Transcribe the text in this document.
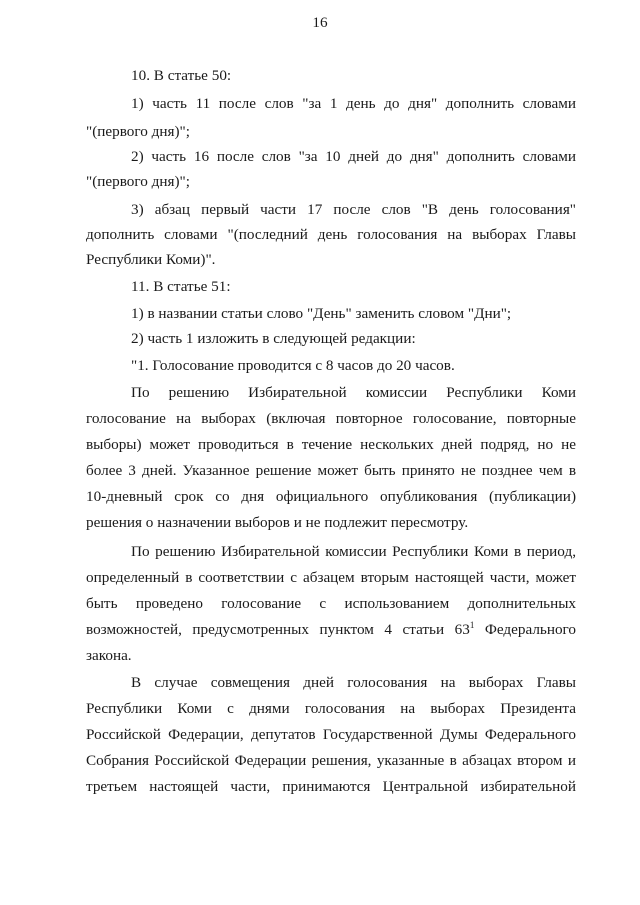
16
10. В статье 50:
1) часть 11 после слов "за 1 день до дня" дополнить словами
"(первого дня)";
2) часть 16 после слов "за 10 дней до дня" дополнить словами
"(первого дня)";
3) абзац первый части 17 после слов "В день голосования"
дополнить словами "(последний день голосования на выборах Главы
Республики Коми)".
11. В статье 51:
1) в названии статьи слово "День" заменить словом "Дни";
2) часть 1 изложить в следующей редакции:
"1. Голосование проводится с 8 часов до 20 часов.
По решению Избирательной комиссии Республики Коми
голосование на выборах (включая повторное голосование, повторные
выборы) может проводиться в течение нескольких дней подряд, но не
более 3 дней. Указанное решение может быть принято не позднее чем в
10-дневный срок со дня официального опубликования (публикации)
решения о назначении выборов и не подлежит пересмотру.
По решению Избирательной комиссии Республики Коми в период,
определенный в соответствии с абзацем вторым настоящей части, может
быть проведено голосование с использованием дополнительных
возможностей, предусмотренных пунктом 4 статьи $63^1$ Федерального
закона.
В случае совмещения дней голосования на выборах Главы
Республики Коми с днями голосования на выборах Президента
Российской Федерации, депутатов Государственной Думы Федерального
Собрания Российской Федерации решения, указанные в абзацах втором и
третьем настоящей части, принимаются Центральной избирательной
